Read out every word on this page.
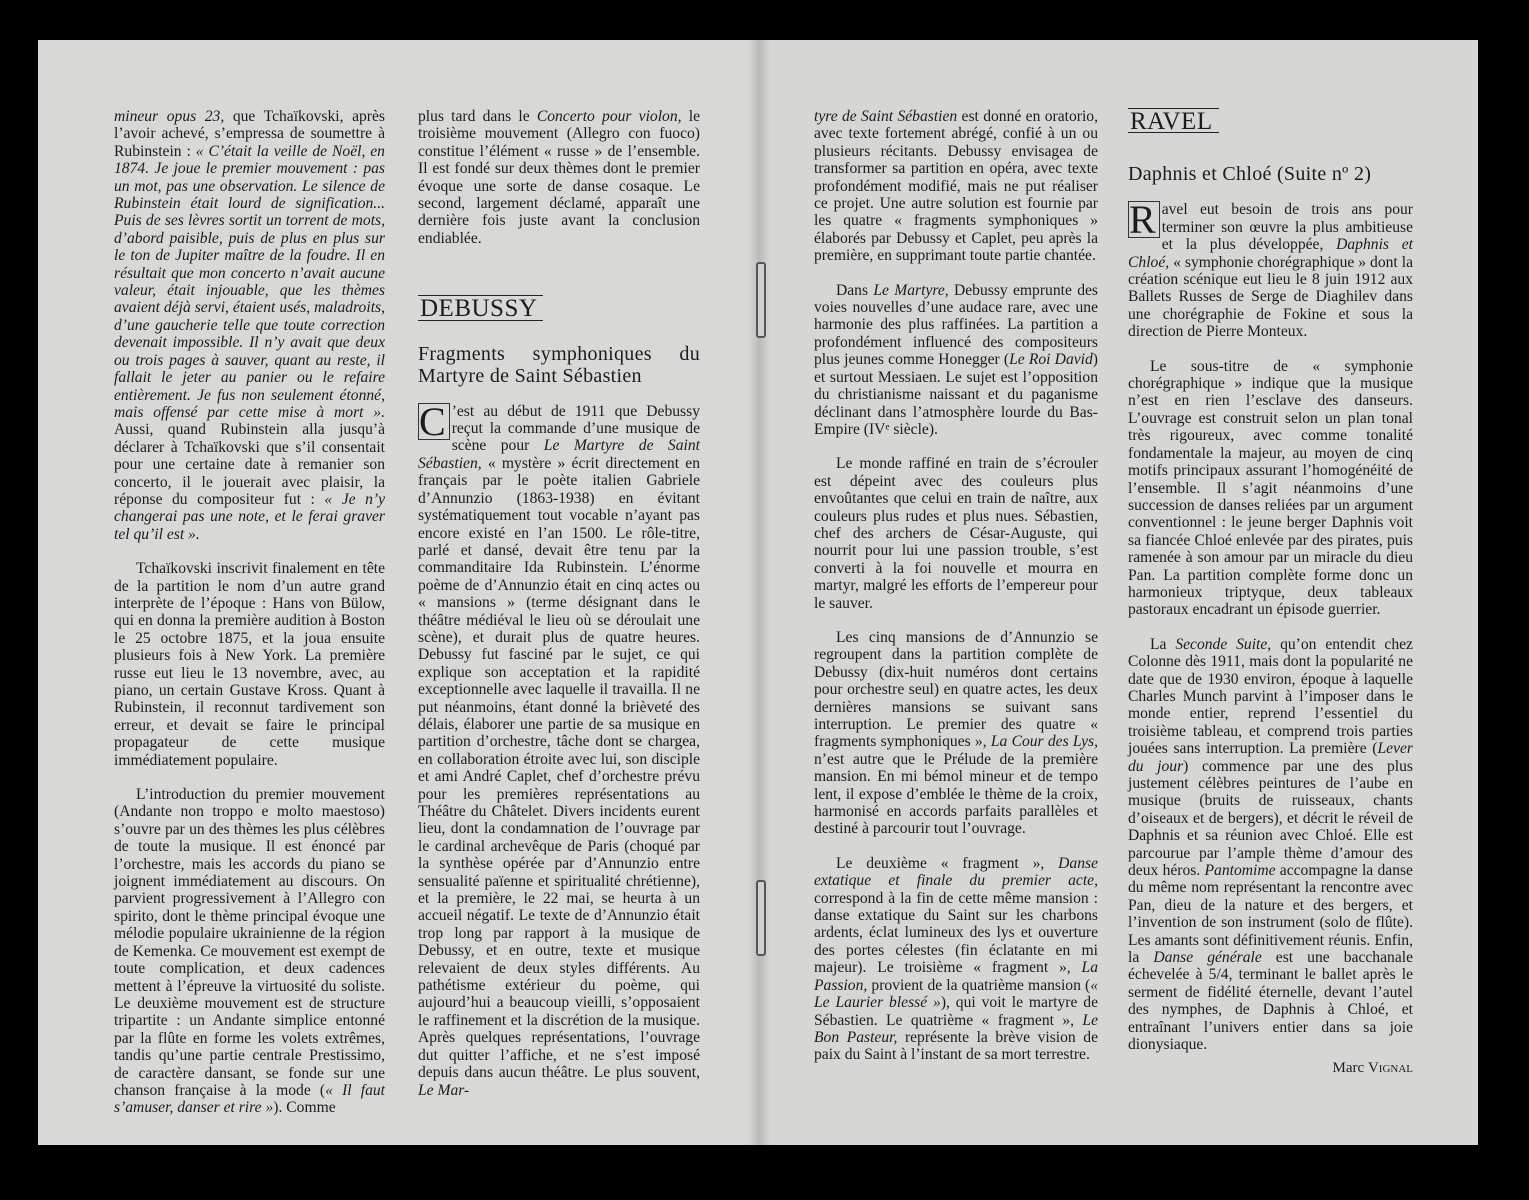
mineur opus 23, que Tchaïkovski, après l’avoir achevé, s’empressa de soumettre à Rubinstein : « C’était la veille de Noël, en 1874. Je joue le premier mouvement : pas un mot, pas une observation. Le silence de Rubinstein était lourd de signification... Puis de ses lèvres sortit un torrent de mots, d’abord paisible, puis de plus en plus sur le ton de Jupiter maître de la foudre. Il en résultait que mon concerto n’avait aucune valeur, était injouable, que les thèmes avaient déjà servi, étaient usés, maladroits, d’une gaucherie telle que toute correction devenait impossible. Il n’y avait que deux ou trois pages à sauver, quant au reste, il fallait le jeter au panier ou le refaire entièrement. Je fus non seulement étonné, mais offensé par cette mise à mort ». Aussi, quand Rubinstein alla jusqu’à déclarer à Tchaïkovski que s’il consentait pour une certaine date à remanier son concerto, il le jouerait avec plaisir, la réponse du compositeur fut : « Je n’y changerai pas une note, et le ferai graver tel qu’il est ».

Tchaïkovski inscrivit finalement en tête de la partition le nom d’un autre grand interprète de l’époque : Hans von Bülow, qui en donna la première audition à Boston le 25 octobre 1875, et la joua ensuite plusieurs fois à New York. La première russe eut lieu le 13 novembre, avec, au piano, un certain Gustave Kross. Quant à Rubinstein, il reconnut tardivement son erreur, et devait se faire le principal propagateur de cette musique immédiatement populaire.

L’introduction du premier mouvement (Andante non troppo e molto maestoso) s’ouvre par un des thèmes les plus célèbres de toute la musique. Il est énoncé par l’orchestre, mais les accords du piano se joignent immédiatement au discours. On parvient progressivement à l’Allegro con spirito, dont le thème principal évoque une mélodie populaire ukrainienne de la région de Kemenka. Ce mouvement est exempt de toute complication, et deux cadences mettent à l’épreuve la virtuosité du soliste. Le deuxième mouvement est de structure tripartite : un Andante simplice entonné par la flûte en forme les volets extrêmes, tandis qu’une partie centrale Prestissimo, de caractère dansant, se fonde sur une chanson française à la mode (« Il faut s’amuser, danser et rire »). Comme

plus tard dans le Concerto pour violon, le troisième mouvement (Allegro con fuoco) constitue l’élément « russe » de l’ensemble. Il est fondé sur deux thèmes dont le premier évoque une sorte de danse cosaque. Le second, largement déclamé, apparaît une dernière fois juste avant la conclusion endiablée.

DEBUSSY
Fragments symphoniques du Martyre de Saint Sébastien

C ’est au début de 1911 que Debussy reçut la commande d’une musique de scène pour Le Martyre de Saint Sébastien, « mystère » écrit directement en français par le poète italien Gabriele d’Annunzio (1863-1938) en évitant systématiquement tout vocable n’ayant pas encore existé en l’an 1500. Le rôle-titre, parlé et dansé, devait être tenu par la commanditaire Ida Rubinstein. L’énorme poème de d’Annunzio était en cinq actes ou « mansions » (terme désignant dans le théâtre médiéval le lieu où se déroulait une scène), et durait plus de quatre heures. Debussy fut fasciné par le sujet, ce qui explique son acceptation et la rapidité exceptionnelle avec laquelle il travailla. Il ne put néanmoins, étant donné la brièveté des délais, élaborer une partie de sa musique en partition d’orchestre, tâche dont se chargea, en collaboration étroite avec lui, son disciple et ami André Caplet, chef d’orchestre prévu pour les premières représentations au Théâtre du Châtelet. Divers incidents eurent lieu, dont la condamnation de l’ouvrage par le cardinal archevêque de Paris (choqué par la synthèse opérée par d’Annunzio entre sensualité païenne et spiritualité chrétienne), et la première, le 22 mai, se heurta à un accueil négatif. Le texte de d’Annunzio était trop long par rapport à la musique de Debussy, et en outre, texte et musique relevaient de deux styles différents. Au pathétisme extérieur du poème, qui aujourd’hui a beaucoup vieilli, s’opposaient le raffinement et la discrétion de la musique. Après quelques représentations, l’ouvrage dut quitter l’affiche, et ne s’est imposé depuis dans aucun théâtre. Le plus souvent, Le Mar-

tyre de Saint Sébastien est donné en oratorio, avec texte fortement abrégé, confié à un ou plusieurs récitants. Debussy envisagea de transformer sa partition en opéra, avec texte profondément modifié, mais ne put réaliser ce projet. Une autre solution est fournie par les quatre « fragments symphoniques » élaborés par Debussy et Caplet, peu après la première, en supprimant toute partie chantée.

Dans Le Martyre, Debussy emprunte des voies nouvelles d’une audace rare, avec une harmonie des plus raffinées. La partition a profondément influencé des compositeurs plus jeunes comme Honegger (Le Roi David) et surtout Messiaen. Le sujet est l’opposition du christianisme naissant et du paganisme déclinant dans l’atmosphère lourde du Bas-Empire (IVᵉ siècle).

Le monde raffiné en train de s’écrouler est dépeint avec des couleurs plus envoûtantes que celui en train de naître, aux couleurs plus rudes et plus nues. Sébastien, chef des archers de César-Auguste, qui nourrit pour lui une passion trouble, s’est converti à la foi nouvelle et mourra en martyr, malgré les efforts de l’empereur pour le sauver.

Les cinq mansions de d’Annunzio se regroupent dans la partition complète de Debussy (dix-huit numéros dont certains pour orchestre seul) en quatre actes, les deux dernières mansions se suivant sans interruption. Le premier des quatre « fragments symphoniques », La Cour des Lys, n’est autre que le Prélude de la première mansion. En mi bémol mineur et de tempo lent, il expose d’emblée le thème de la croix, harmonisé en accords parfaits parallèles et destiné à parcourir tout l’ouvrage.

Le deuxième « fragment », Danse extatique et finale du premier acte, correspond à la fin de cette même mansion : danse extatique du Saint sur les charbons ardents, éclat lumineux des lys et ouverture des portes célestes (fin éclatante en mi majeur). Le troisième « fragment », La Passion, provient de la quatrième mansion (« Le Laurier blessé »), qui voit le martyre de Sébastien. Le quatrième « fragment », Le Bon Pasteur, représente la brève vision de paix du Saint à l’instant de sa mort terrestre.

RAVEL
Daphnis et Chloé (Suite nº 2)

R avel eut besoin de trois ans pour terminer son œuvre la plus ambitieuse et la plus développée, Daphnis et Chloé, « symphonie chorégraphique » dont la création scénique eut lieu le 8 juin 1912 aux Ballets Russes de Serge de Diaghilev dans une chorégraphie de Fokine et sous la direction de Pierre Monteux.

Le sous-titre de « symphonie chorégraphique » indique que la musique n’est en rien l’esclave des danseurs. L’ouvrage est construit selon un plan tonal très rigoureux, avec comme tonalité fondamentale la majeur, au moyen de cinq motifs principaux assurant l’homogénéité de l’ensemble. Il s’agit néanmoins d’une succession de danses reliées par un argument conventionnel : le jeune berger Daphnis voit sa fiancée Chloé enlevée par des pirates, puis ramenée à son amour par un miracle du dieu Pan. La partition complète forme donc un harmonieux triptyque, deux tableaux pastoraux encadrant un épisode guerrier.

La Seconde Suite, qu’on entendit chez Colonne dès 1911, mais dont la popularité ne date que de 1930 environ, époque à laquelle Charles Munch parvint à l’imposer dans le monde entier, reprend l’essentiel du troisième tableau, et comprend trois parties jouées sans interruption. La première (Lever du jour) commence par une des plus justement célèbres peintures de l’aube en musique (bruits de ruisseaux, chants d’oiseaux et de bergers), et décrit le réveil de Daphnis et sa réunion avec Chloé. Elle est parcourue par l’ample thème d’amour des deux héros. Pantomime accompagne la danse du même nom représentant la rencontre avec Pan, dieu de la nature et des bergers, et l’invention de son instrument (solo de flûte). Les amants sont définitivement réunis. Enfin, la Danse générale est une bacchanale échevelée à 5/4, terminant le ballet après le serment de fidélité éternelle, devant l’autel des nymphes, de Daphnis à Chloé, et entraînant l’univers entier dans sa joie dionysiaque.

Marc Vignal
